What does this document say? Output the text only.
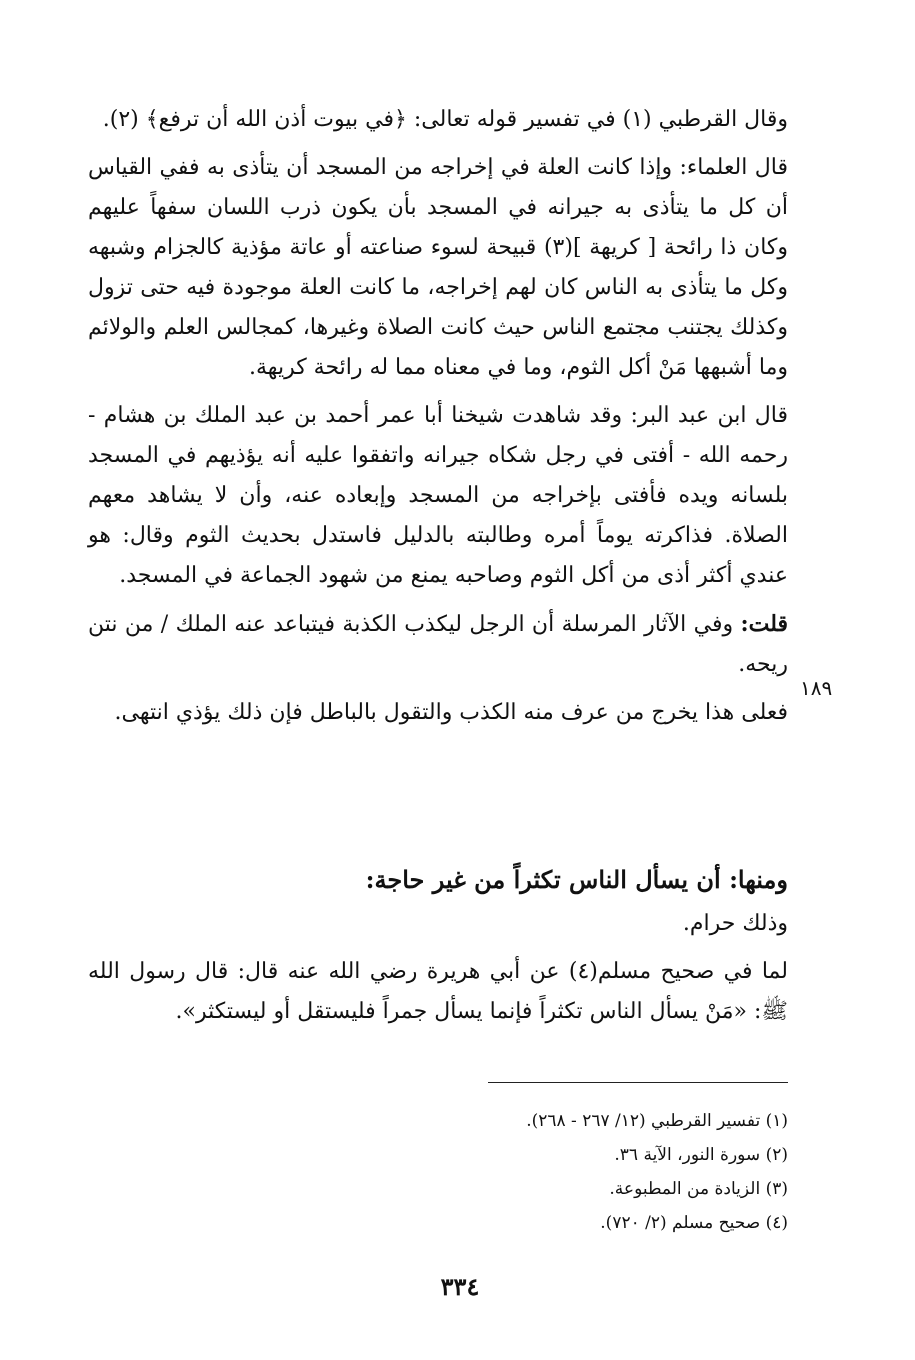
وقال القرطبي (١) في تفسير قوله تعالى: ﴿في بيوت أذن الله أن ترفع﴾ (٢).

قال العلماء: وإذا كانت العلة في إخراجه من المسجد أن يتأذى به ففي القياس أن كل ما يتأذى به جيرانه في المسجد بأن يكون ذرب اللسان سفهاً عليهم وكان ذا رائحة [ كريهة ](٣) قبيحة لسوء صناعته أو عاتة مؤذية كالجزام وشبهه وكل ما يتأذى به الناس كان لهم إخراجه، ما كانت العلة موجودة فيه حتى تزول وكذلك يجتنب مجتمع الناس حيث كانت الصلاة وغيرها، كمجالس العلم والولائم وما أشبهها مَنْ أكل الثوم، وما في معناه مما له رائحة كريهة.

قال ابن عبد البر: وقد شاهدت شيخنا أبا عمر أحمد بن عبد الملك بن هشام - رحمه الله - أفتى في رجل شكاه جيرانه واتفقوا عليه أنه يؤذيهم في المسجد بلسانه ويده فأفتى بإخراجه من المسجد وإبعاده عنه، وأن لا يشاهد معهم الصلاة. فذاكرته يوماً أمره وطالبته بالدليل فاستدل بحديث الثوم وقال: هو عندي أكثر أذى من أكل الثوم وصاحبه يمنع من شهود الجماعة في المسجد.

قلت: وفي الآثار المرسلة أن الرجل ليكذب الكذبة فيتباعد عنه الملك / من نتن ريحه.

فعلى هذا يخرج من عرف منه الكذب والتقول بالباطل فإن ذلك يؤذي انتهى.

١٨٩
ومنها: أن يسأل الناس تكثراً من غير حاجة:

وذلك حرام.

لما في صحيح مسلم(٤) عن أبي هريرة رضي الله عنه قال: قال رسول الله ﷺ: «مَنْ يسأل الناس تكثراً فإنما يسأل جمراً فليستقل أو ليستكثر».

(١) تفسير القرطبي (١٢/ ٢٦٧ - ٢٦٨).
(٢) سورة النور، الآية ٣٦.
(٣) الزيادة من المطبوعة.
(٤) صحيح مسلم (٢/ ٧٢٠).
٣٣٤
